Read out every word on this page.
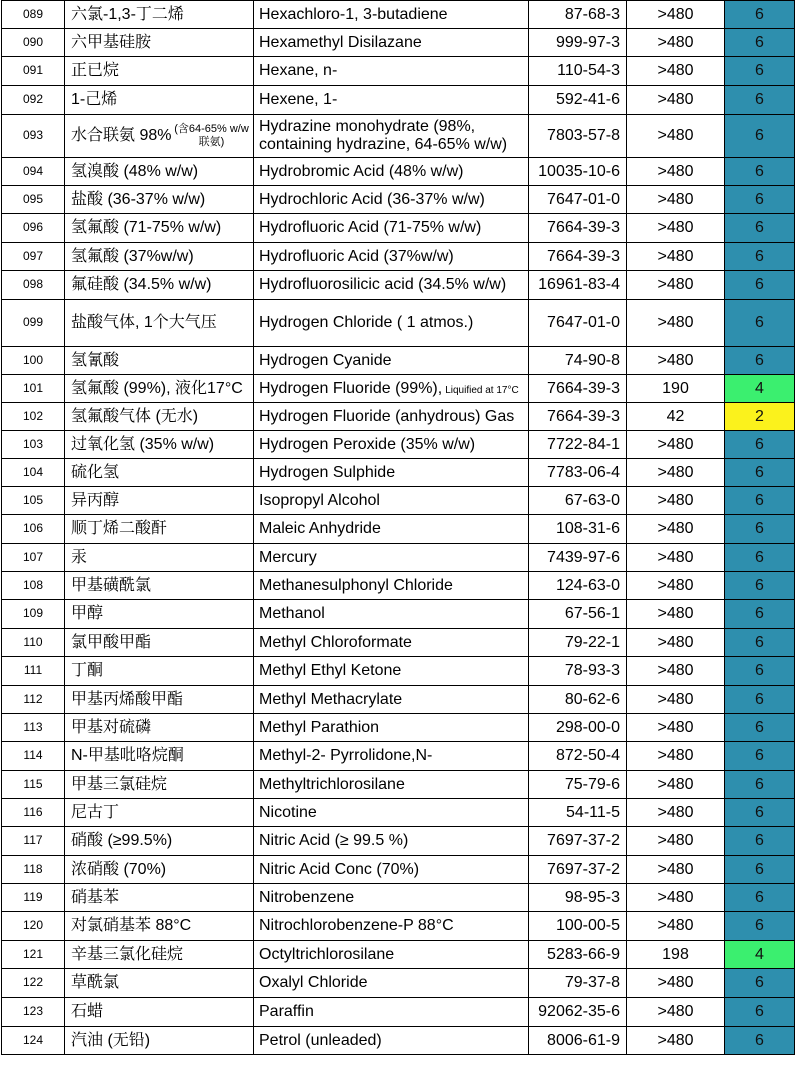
089	六氯-1,3-丁二烯	Hexachloro-1, 3-butadiene	87-68-3	>480	6
090	六甲基硅胺	Hexamethyl Disilazane	999-97-3	>480	6
091	正已烷	Hexane, n-	110-54-3	>480	6
092	1-己烯	Hexene, 1-	592-41-6	>480	6
093	水合联氨 98% (含64-65% w/w联氨)	Hydrazine monohydrate (98%, containing hydrazine, 64-65% w/w)	7803-57-8	>480	6
094	氢溴酸 (48% w/w)	Hydrobromic Acid (48% w/w)	10035-10-6	>480	6
095	盐酸 (36-37% w/w)	Hydrochloric Acid (36-37% w/w)	7647-01-0	>480	6
096	氢氟酸 (71-75% w/w)	Hydrofluoric Acid (71-75% w/w)	7664-39-3	>480	6
097	氢氟酸 (37%w/w)	Hydrofluoric Acid (37%w/w)	7664-39-3	>480	6
098	氟硅酸 (34.5% w/w)	Hydrofluorosilicic acid (34.5% w/w)	16961-83-4	>480	6
099	盐酸气体, 1个大气压	Hydrogen Chloride ( 1 atmos.)	7647-01-0	>480	6
100	氢氰酸	Hydrogen Cyanide	74-90-8	>480	6
101	氢氟酸 (99%), 液化17°C	Hydrogen Fluoride (99%), Liquified at 17°C	7664-39-3	190	4
102	氢氟酸气体 (无水)	Hydrogen Fluoride (anhydrous) Gas	7664-39-3	42	2
103	过氧化氢 (35% w/w)	Hydrogen Peroxide (35% w/w)	7722-84-1	>480	6
104	硫化氢	Hydrogen Sulphide	7783-06-4	>480	6
105	异丙醇	Isopropyl Alcohol	67-63-0	>480	6
106	顺丁烯二酸酐	Maleic Anhydride	108-31-6	>480	6
107	汞	Mercury	7439-97-6	>480	6
108	甲基磺酰氯	Methanesulphonyl Chloride	124-63-0	>480	6
109	甲醇	Methanol	67-56-1	>480	6
110	氯甲酸甲酯	Methyl Chloroformate	79-22-1	>480	6
111	丁酮	Methyl Ethyl Ketone	78-93-3	>480	6
112	甲基丙烯酸甲酯	Methyl Methacrylate	80-62-6	>480	6
113	甲基对硫磷	Methyl Parathion	298-00-0	>480	6
114	N-甲基吡咯烷酮	Methyl-2- Pyrrolidone,N-	872-50-4	>480	6
115	甲基三氯硅烷	Methyltrichlorosilane	75-79-6	>480	6
116	尼古丁	Nicotine	54-11-5	>480	6
117	硝酸 (≥99.5%)	Nitric Acid (≥ 99.5 %)	7697-37-2	>480	6
118	浓硝酸 (70%)	Nitric Acid Conc (70%)	7697-37-2	>480	6
119	硝基苯	Nitrobenzene	98-95-3	>480	6
120	对氯硝基苯 88°C	Nitrochlorobenzene-P 88°C	100-00-5	>480	6
121	辛基三氯化硅烷	Octyltrichlorosilane	5283-66-9	198	4
122	草酰氯	Oxalyl Chloride	79-37-8	>480	6
123	石蜡	Paraffin	92062-35-6	>480	6
124	汽油 (无铅)	Petrol (unleaded)	8006-61-9	>480	6
